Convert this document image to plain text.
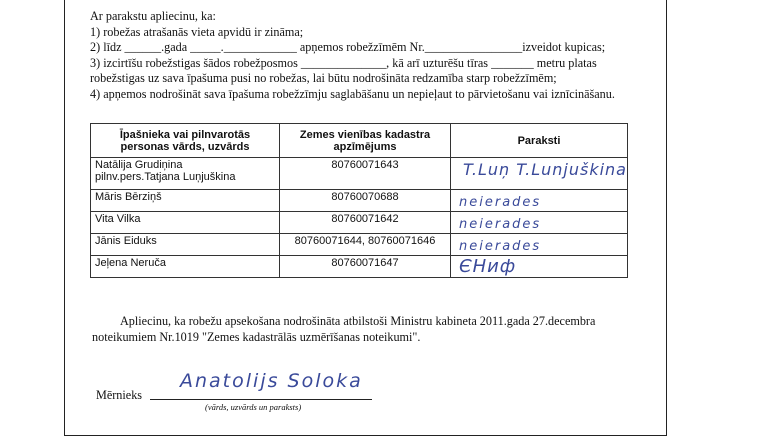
Ar parakstu apliecinu, ka:
1) robežas atrašanās vieta apvidū ir zināma;
2) līdz ______.gada _____.____________ apņemos robežzīmēm Nr.________________izveidot kupicas;
3) izcirtīšu robežstigas šādos robežposmos ______________, kā arī uzturēšu tīras _______ metru platas
robežstigas uz sava īpašuma pusi no robežas, lai būtu nodrošināta redzamība starp robežzīmēm;
4) apņemos nodrošināt sava īpašuma robežzīmju saglabāšanu un nepieļaut to pārvietošanu vai iznīcināšanu.
Īpašnieka vai pilnvarotās personas vārds, uzvārds	Zemes vienības kadastra apzīmējums	Paraksti

Natālija Grudiņina
pilnv.pers.Tatjana Luņjuškina	80760071643	T.Luņ T.Lunjuškina

Māris Bērziņš	80760070688	neierades

Vita Vilka	80760071642	neierades

Jānis Eiduks	80760071644, 80760071646	neierades

Jeļena Neruča	80760071647	ЄНиф
Apliecinu, ka robežu apsekošana nodrošināta atbilstoši Ministru kabineta 2011.gada 27.decembra
noteikumiem Nr.1019 "Zemes kadastrālās uzmērīšanas noteikumi".
Mērnieks
Anatolijs Soloka
(vārds, uzvārds un paraksts)
